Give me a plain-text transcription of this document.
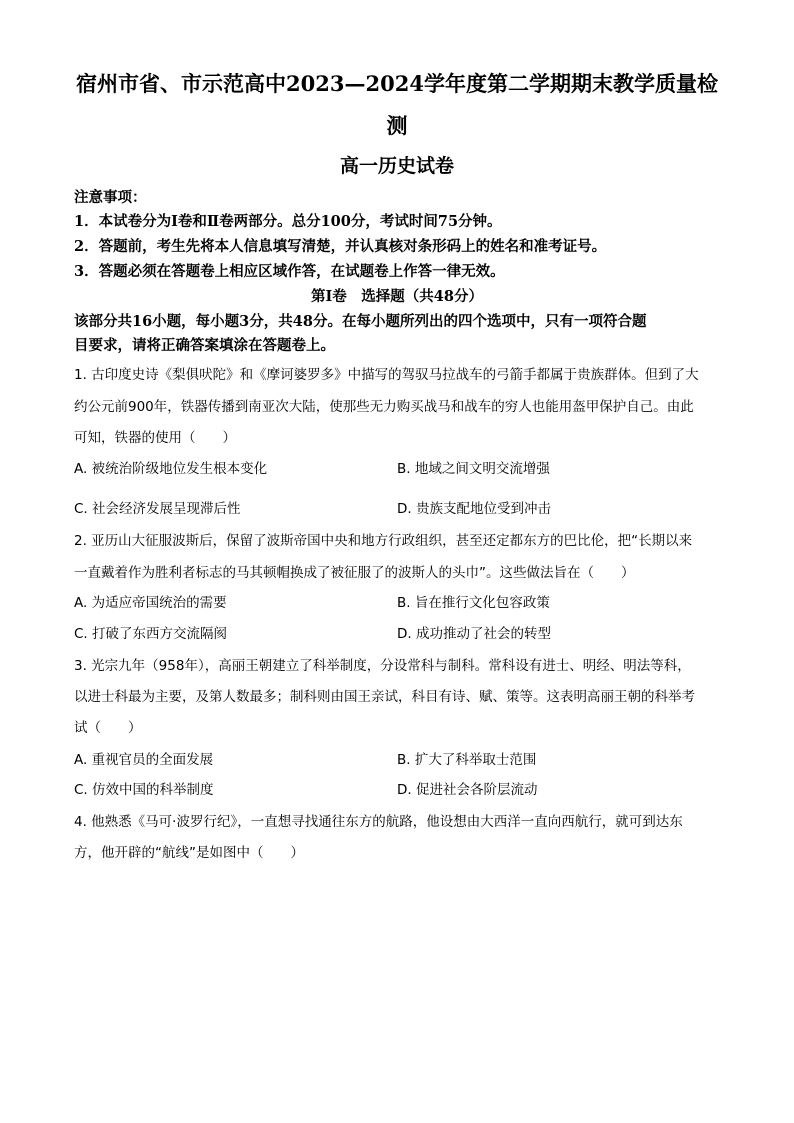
宿州市省、市示范高中2023—2024学年度第二学期期末教学质量检
测
高一历史试卷
注意事项：
1．本试卷分为Ⅰ卷和Ⅱ卷两部分。总分100分，考试时间75分钟。
2．答题前，考生先将本人信息填写清楚，并认真核对条形码上的姓名和准考证号。
3．答题必须在答题卷上相应区域作答，在试题卷上作答一律无效。
第Ⅰ卷　选择题（共48分）
该部分共16小题，每小题3分，共48分。在每小题所列出的四个选项中，只有一项符合题
目要求，请将正确答案填涂在答题卷上。
1. 古印度史诗《梨俱吠陀》和《摩诃婆罗多》中描写的驾驭马拉战车的弓箭手都属于贵族群体。但到了大
约公元前900年，铁器传播到南亚次大陆，使那些无力购买战马和战车的穷人也能用盔甲保护自己。由此
可知，铁器的使用（　　）
A. 被统治阶级地位发生根本变化	B. 地域之间文明交流增强
C. 社会经济发展呈现滞后性	D. 贵族支配地位受到冲击
2. 亚历山大征服波斯后，保留了波斯帝国中央和地方行政组织，甚至还定都东方的巴比伦，把“长期以来
一直戴着作为胜利者标志的马其顿帽换成了被征服了的波斯人的头巾”。这些做法旨在（　　）
A. 为适应帝国统治的需要	B. 旨在推行文化包容政策
C. 打破了东西方交流隔阂	D. 成功推动了社会的转型
3. 光宗九年（958年），高丽王朝建立了科举制度，分设常科与制科。常科设有进士、明经、明法等科，
以进士科最为主要，及第人数最多；制科则由国王亲试，科目有诗、赋、策等。这表明高丽王朝的科举考
试（　　）
A. 重视官员的全面发展	B. 扩大了科举取士范围
C. 仿效中国的科举制度	D. 促进社会各阶层流动
4. 他熟悉《马可·波罗行纪》，一直想寻找通往东方的航路，他设想由大西洋一直向西航行，就可到达东
方，他开辟的“航线”是如图中（　　）
